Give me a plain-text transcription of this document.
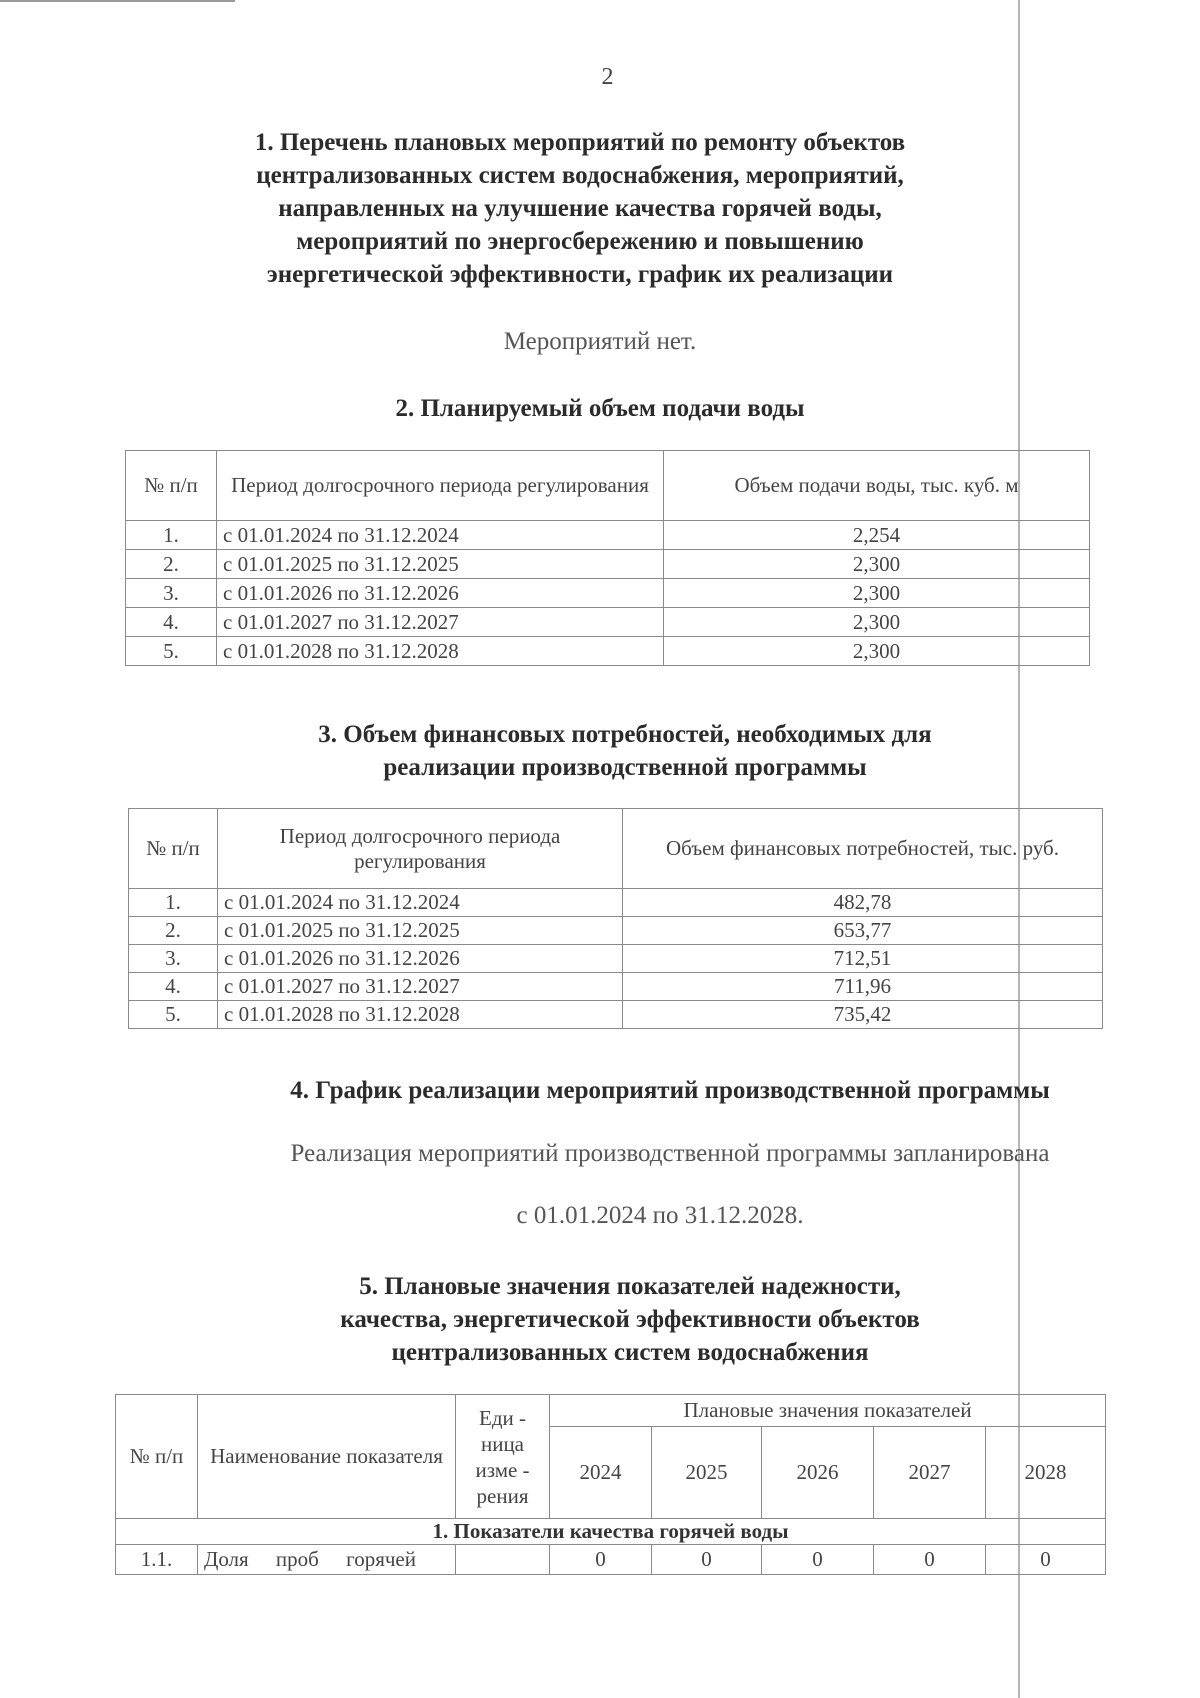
2
1. Перечень плановых мероприятий по ремонту объектов
централизованных систем водоснабжения, мероприятий,
направленных на улучшение качества горячей воды,
мероприятий по энергосбережению и повышению
энергетической эффективности, график их реализации
Мероприятий нет.
2. Планируемый объем подачи воды
№ п/п	Период долгосрочного периода регулирования	Объем подачи воды, тыс. куб. м
1.	с 01.01.2024 по 31.12.2024	2,254
2.	с 01.01.2025 по 31.12.2025	2,300
3.	с 01.01.2026 по 31.12.2026	2,300
4.	с 01.01.2027 по 31.12.2027	2,300
5.	с 01.01.2028 по 31.12.2028	2,300
3. Объем финансовых потребностей, необходимых для
реализации производственной программы
№ п/п	Период долгосрочного периода регулирования	Объем финансовых потребностей, тыс. руб.
1.	с 01.01.2024 по 31.12.2024	482,78
2.	с 01.01.2025 по 31.12.2025	653,77
3.	с 01.01.2026 по 31.12.2026	712,51
4.	с 01.01.2027 по 31.12.2027	711,96
5.	с 01.01.2028 по 31.12.2028	735,42
4. График реализации мероприятий производственной программы
Реализация мероприятий производственной программы запланирована
с 01.01.2024 по 31.12.2028.
5. Плановые значения показателей надежности,
качества, энергетической эффективности объектов
централизованных систем водоснабжения
№ п/п	Наименование показателя	Еди - ница изме - рения	Плановые значения показателей				
			2024	2025	2026	2027	2028
1. Показатели качества горячей воды							
1.1.	Доля проб горячей		0	0	0	0	0
